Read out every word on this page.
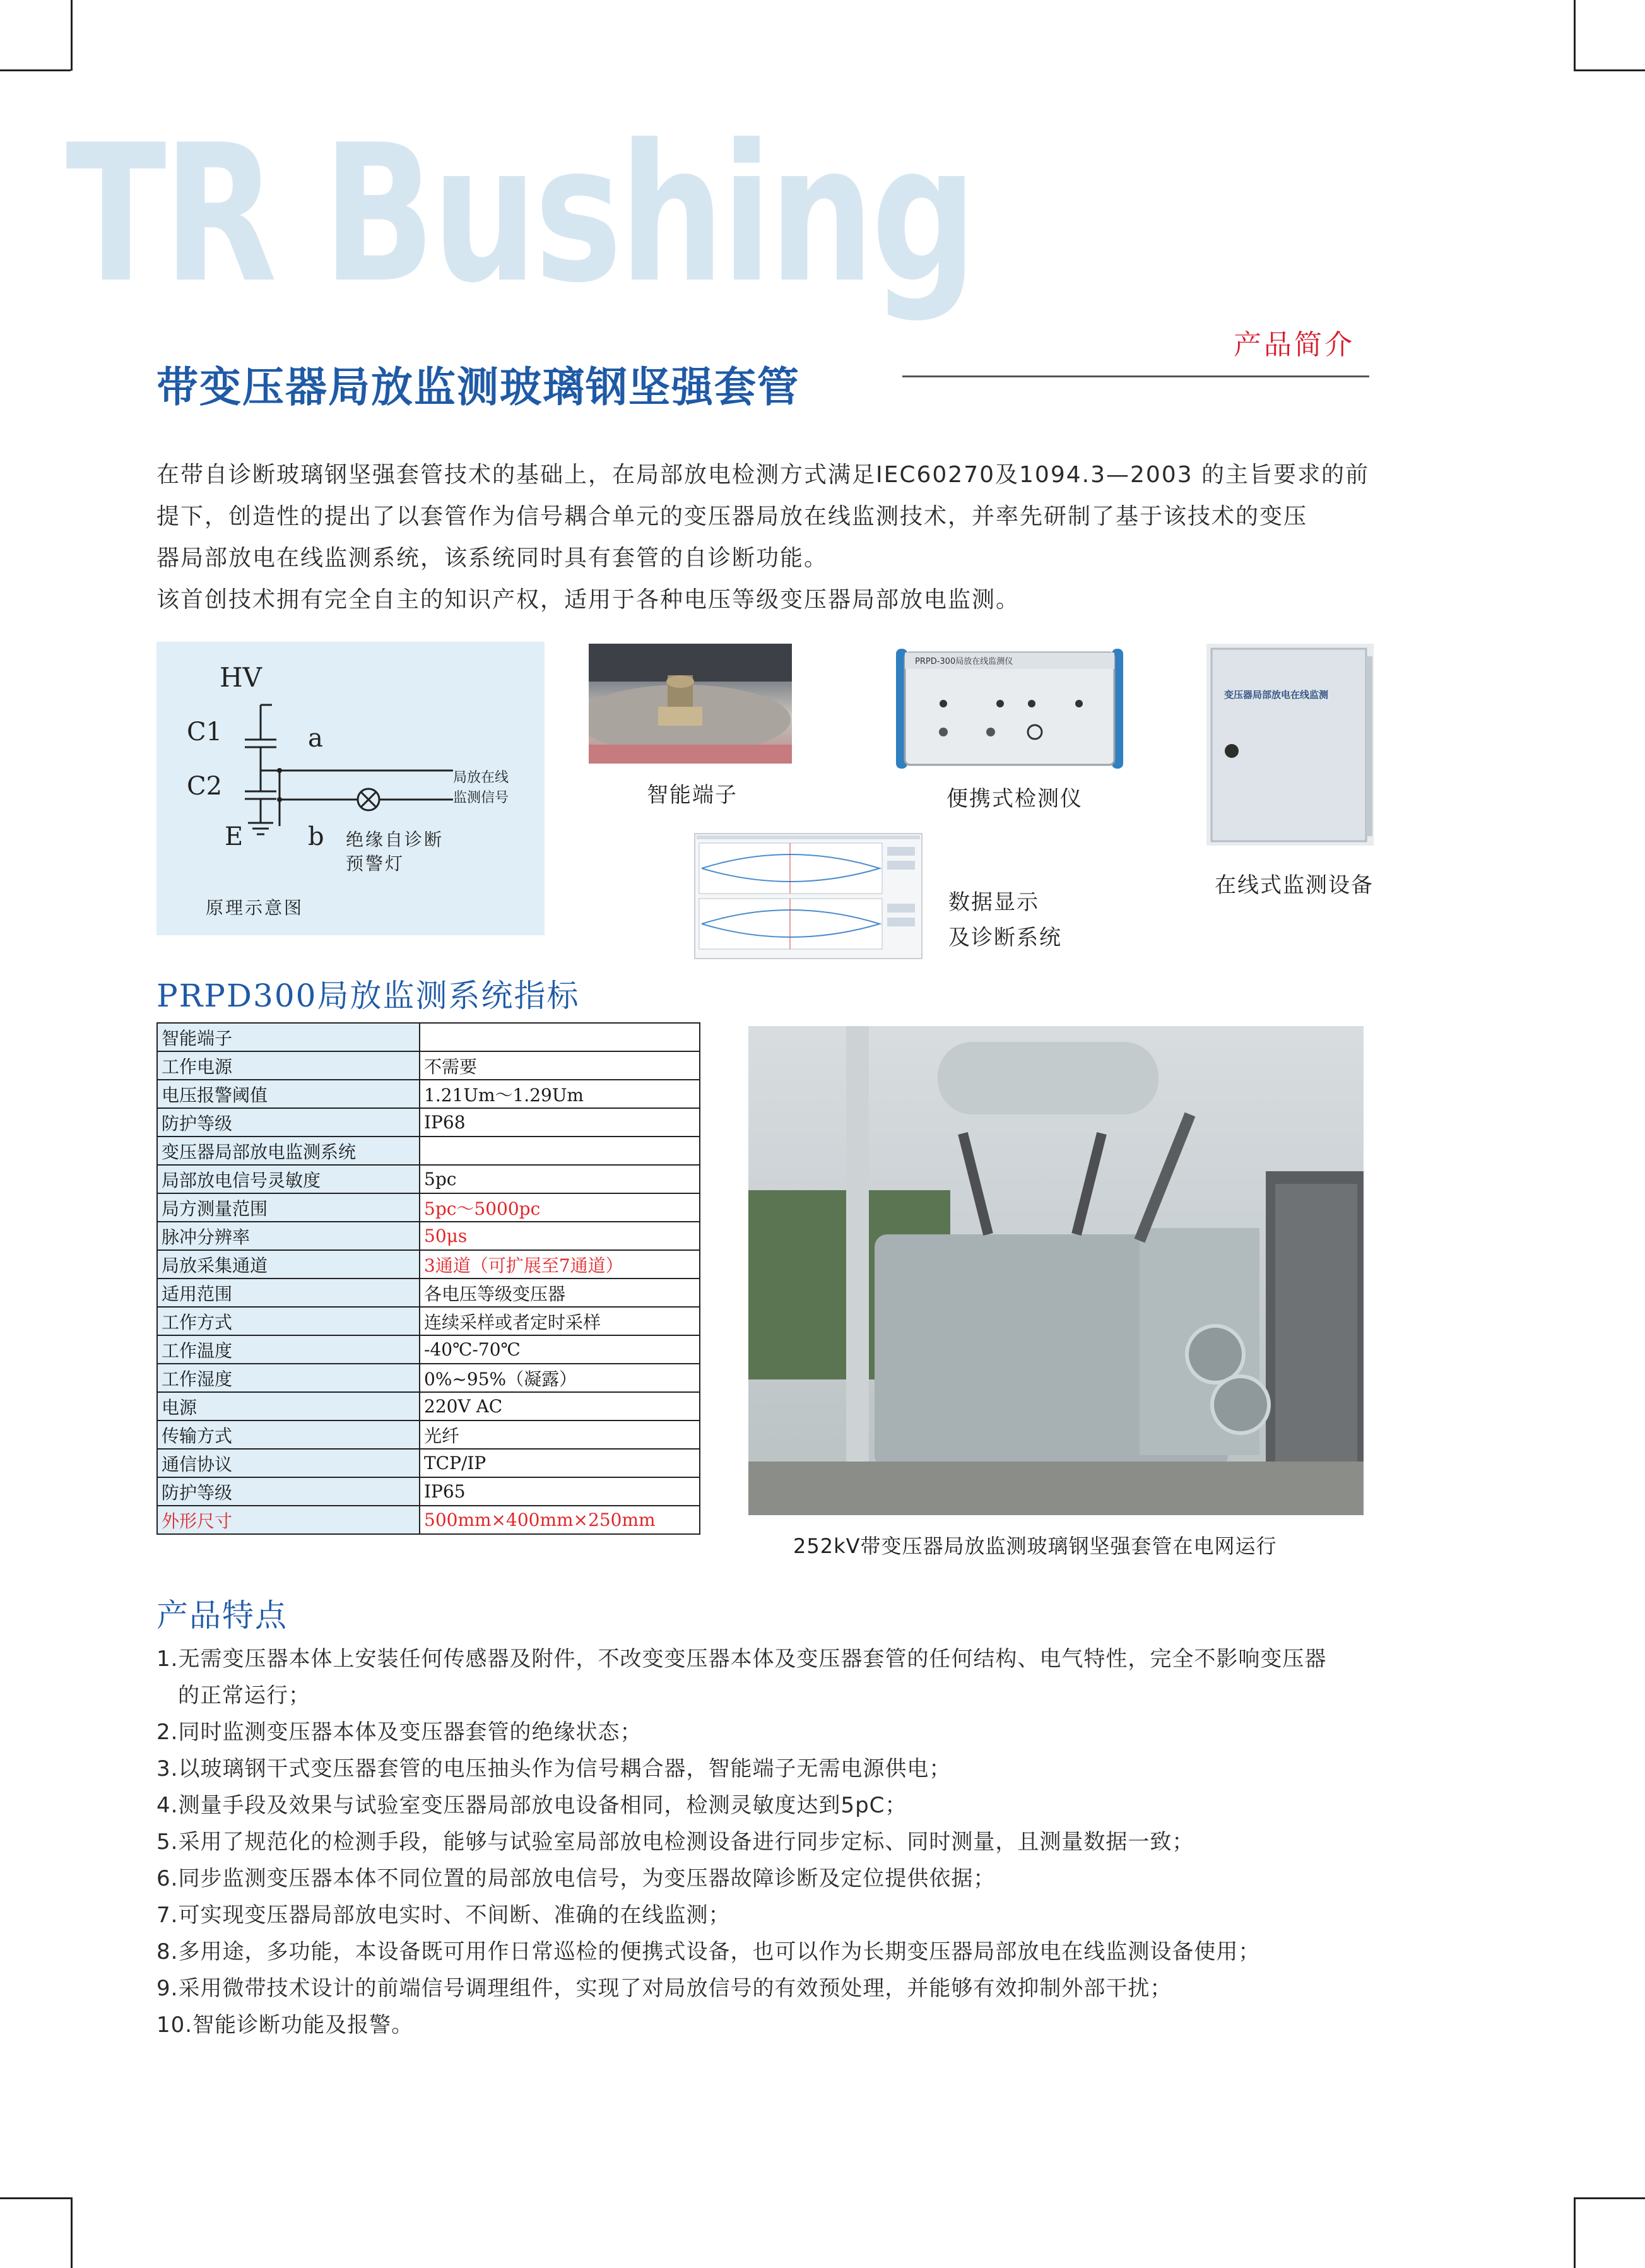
TR Bushing
产品简介
带变压器局放监测玻璃钢坚强套管

在带自诊断玻璃钢坚强套管技术的基础上，在局部放电检测方式满足IEC60270及1094.3—2003 的主旨要求的前

提下，创造性的提出了以套管作为信号耦合单元的变压器局放在线监测技术，并率先研制了基于该技术的变压

器局部放电在线监测系统，该系统同时具有套管的自诊断功能。

该首创技术拥有完全自主的知识产权，适用于各种电压等级变压器局部放电监测。

HV
C1
C2
E
a
b
局放在线
监测信号
绝缘自诊断
预警灯
原理示意图
智能端子
PRPD-300局放在线监测仪
便携式检测仪
变压器局部放电在线监测
在线式监测设备
数据显示
及诊断系统
PRPD300局放监测系统指标
智能端子	
工作电源	不需要
电压报警阈值	1.21Um～1.29Um
防护等级	IP68
变压器局部放电监测系统	
局部放电信号灵敏度	5pc
局方测量范围	5pc～5000pc
脉冲分辨率	50μs
局放采集通道	3通道（可扩展至7通道）
适用范围	各电压等级变压器
工作方式	连续采样或者定时采样
工作温度	-40℃-70℃
工作湿度	0%~95%（凝露）
电源	220V AC
传输方式	光纤
通信协议	TCP/IP
防护等级	IP65
外形尺寸	500mm×400mm×250mm
252kV带变压器局放监测玻璃钢坚强套管在电网运行
产品特点
1.无需变压器本体上安装任何传感器及附件，不改变变压器本体及变压器套管的任何结构、电气特性，完全不影响变压器
的正常运行；
2.同时监测变压器本体及变压器套管的绝缘状态；
3.以玻璃钢干式变压器套管的电压抽头作为信号耦合器，智能端子无需电源供电；
4.测量手段及效果与试验室变压器局部放电设备相同，检测灵敏度达到5pC；
5.采用了规范化的检测手段，能够与试验室局部放电检测设备进行同步定标、同时测量，且测量数据一致；
6.同步监测变压器本体不同位置的局部放电信号，为变压器故障诊断及定位提供依据；
7.可实现变压器局部放电实时、不间断、准确的在线监测；
8.多用途，多功能，本设备既可用作日常巡检的便携式设备，也可以作为长期变压器局部放电在线监测设备使用；
9.采用微带技术设计的前端信号调理组件，实现了对局放信号的有效预处理，并能够有效抑制外部干扰；
10.智能诊断功能及报警。
